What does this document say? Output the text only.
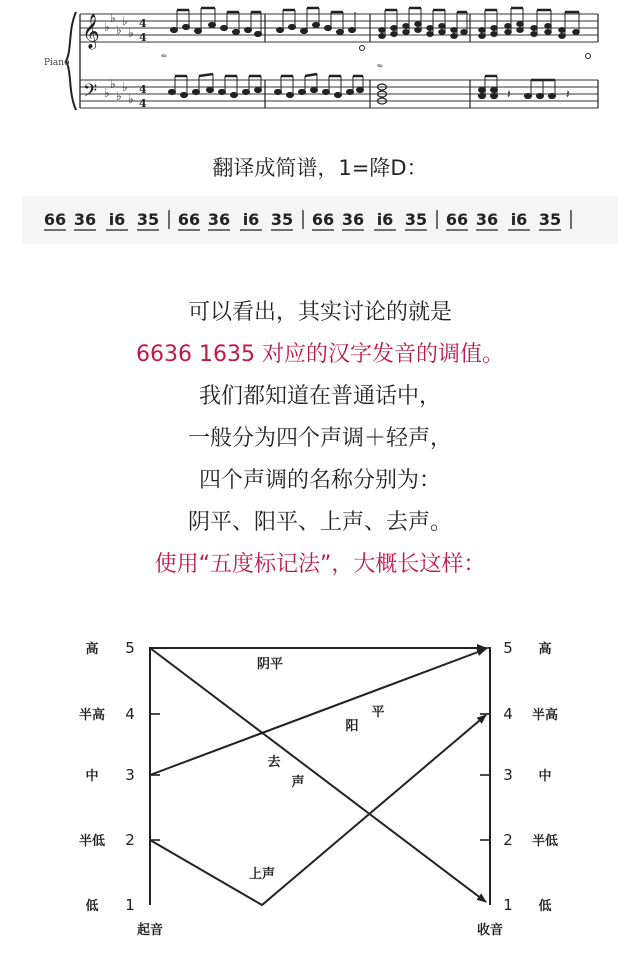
𝄞
𝄢
♭
♭
♭
♭
♭
♭
♭
♭
♭
♭
4
4
4
4
𝆮
𝆮
𝄽	𝄽
Piano
翻译成简谱，1=降D：
66 36 i6 35 66 36 i6 35 66 36 i6 35 66 36 i6 35
可以看出，其实讨论的就是
6636 1635 对应的汉字发音的调值。
我们都知道在普通话中，
一般分为四个声调＋轻声，
四个声调的名称分别为：
阴平、阳平、上声、去声。
使用“五度标记法”，大概长这样：
5
4
3
2
1
高
半高
中
半低
低
5
4
3
2
1
高
半高
中
半低
低
起音	收音
阴平
阳
平
去
声
上声
